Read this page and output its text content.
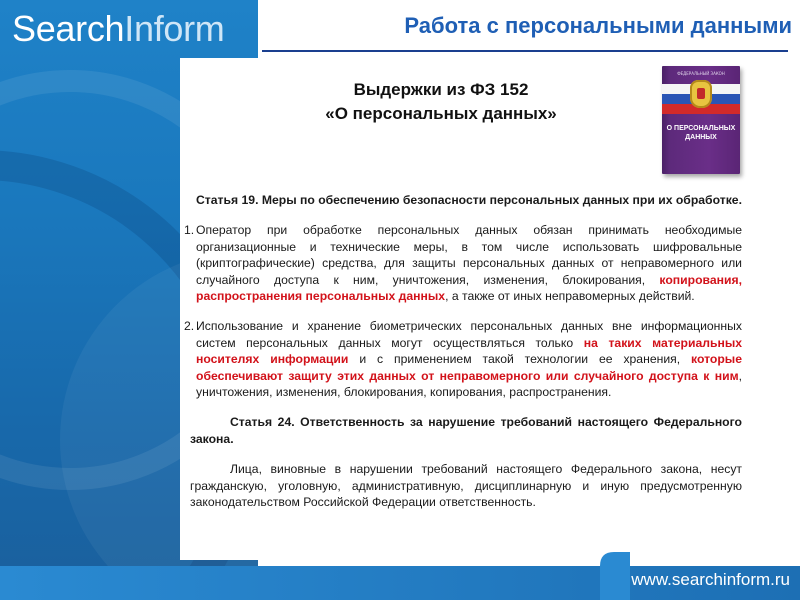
SearchInform	Работа с персональными данными
Выдержки из ФЗ 152
«О персональных данных»
ФЕДЕРАЛЬНЫЙ ЗАКОН
О ПЕРСОНАЛЬНЫХ
ДАННЫХ
Статья 19. Меры по обеспечению безопасности персональных данных при их обработке.
1. Оператор при обработке персональных данных обязан принимать необходимые организационные и технические меры, в том числе использовать шифровальные (криптографические) средства, для защиты персональных данных от неправомерного или случайного доступа к ним, уничтожения, изменения, блокирования, копирования, распространения персональных данных, а также от иных неправомерных действий.
2. Использование и хранение биометрических персональных данных вне информационных систем персональных данных могут осуществляться только на таких материальных носителях информации и с применением такой технологии ее хранения, которые обеспечивают защиту этих данных от неправомерного или случайного доступа к ним, уничтожения, изменения, блокирования, копирования, распространения.
Статья 24. Ответственность за нарушение требований настоящего Федерального закона.
Лица, виновные в нарушении требований настоящего Федерального закона, несут гражданскую, уголовную, административную, дисциплинарную и иную предусмотренную законодательством Российской Федерации ответственность.
www.searchinform.ru
